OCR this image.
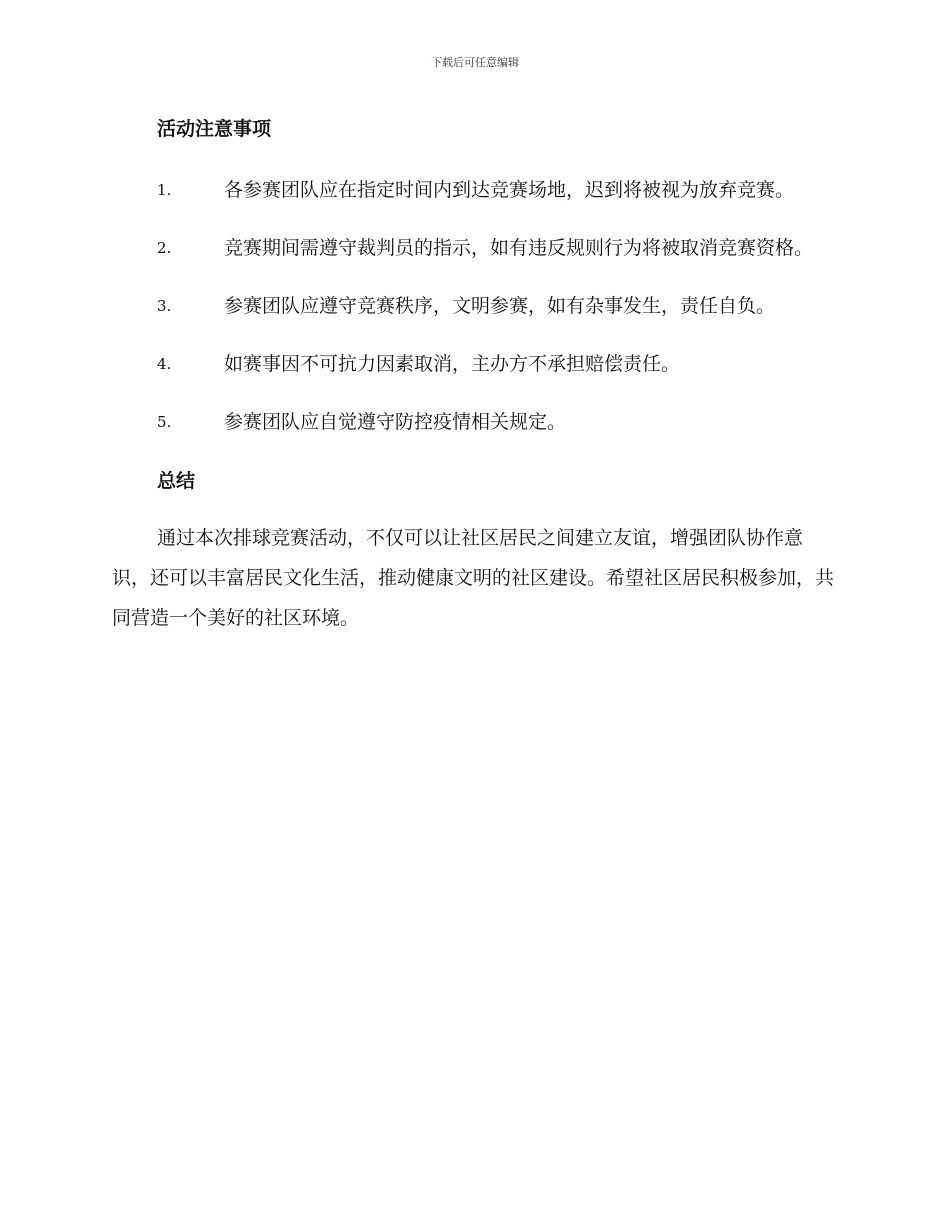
下载后可任意编辑
活动注意事项
1.	各参赛团队应在指定时间内到达竞赛场地，迟到将被视为放弃竞赛。
2.	竞赛期间需遵守裁判员的指示，如有违反规则行为将被取消竞赛资格。
3.	参赛团队应遵守竞赛秩序，文明参赛，如有杂事发生，责任自负。
4.	如赛事因不可抗力因素取消，主办方不承担赔偿责任。
5.	参赛团队应自觉遵守防控疫情相关规定。
总结

通过本次排球竞赛活动，不仅可以让社区居民之间建立友谊，增强团队协作意识，还可以丰富居民文化生活，推动健康文明的社区建设。希望社区居民积极参加，共同营造一个美好的社区环境。
